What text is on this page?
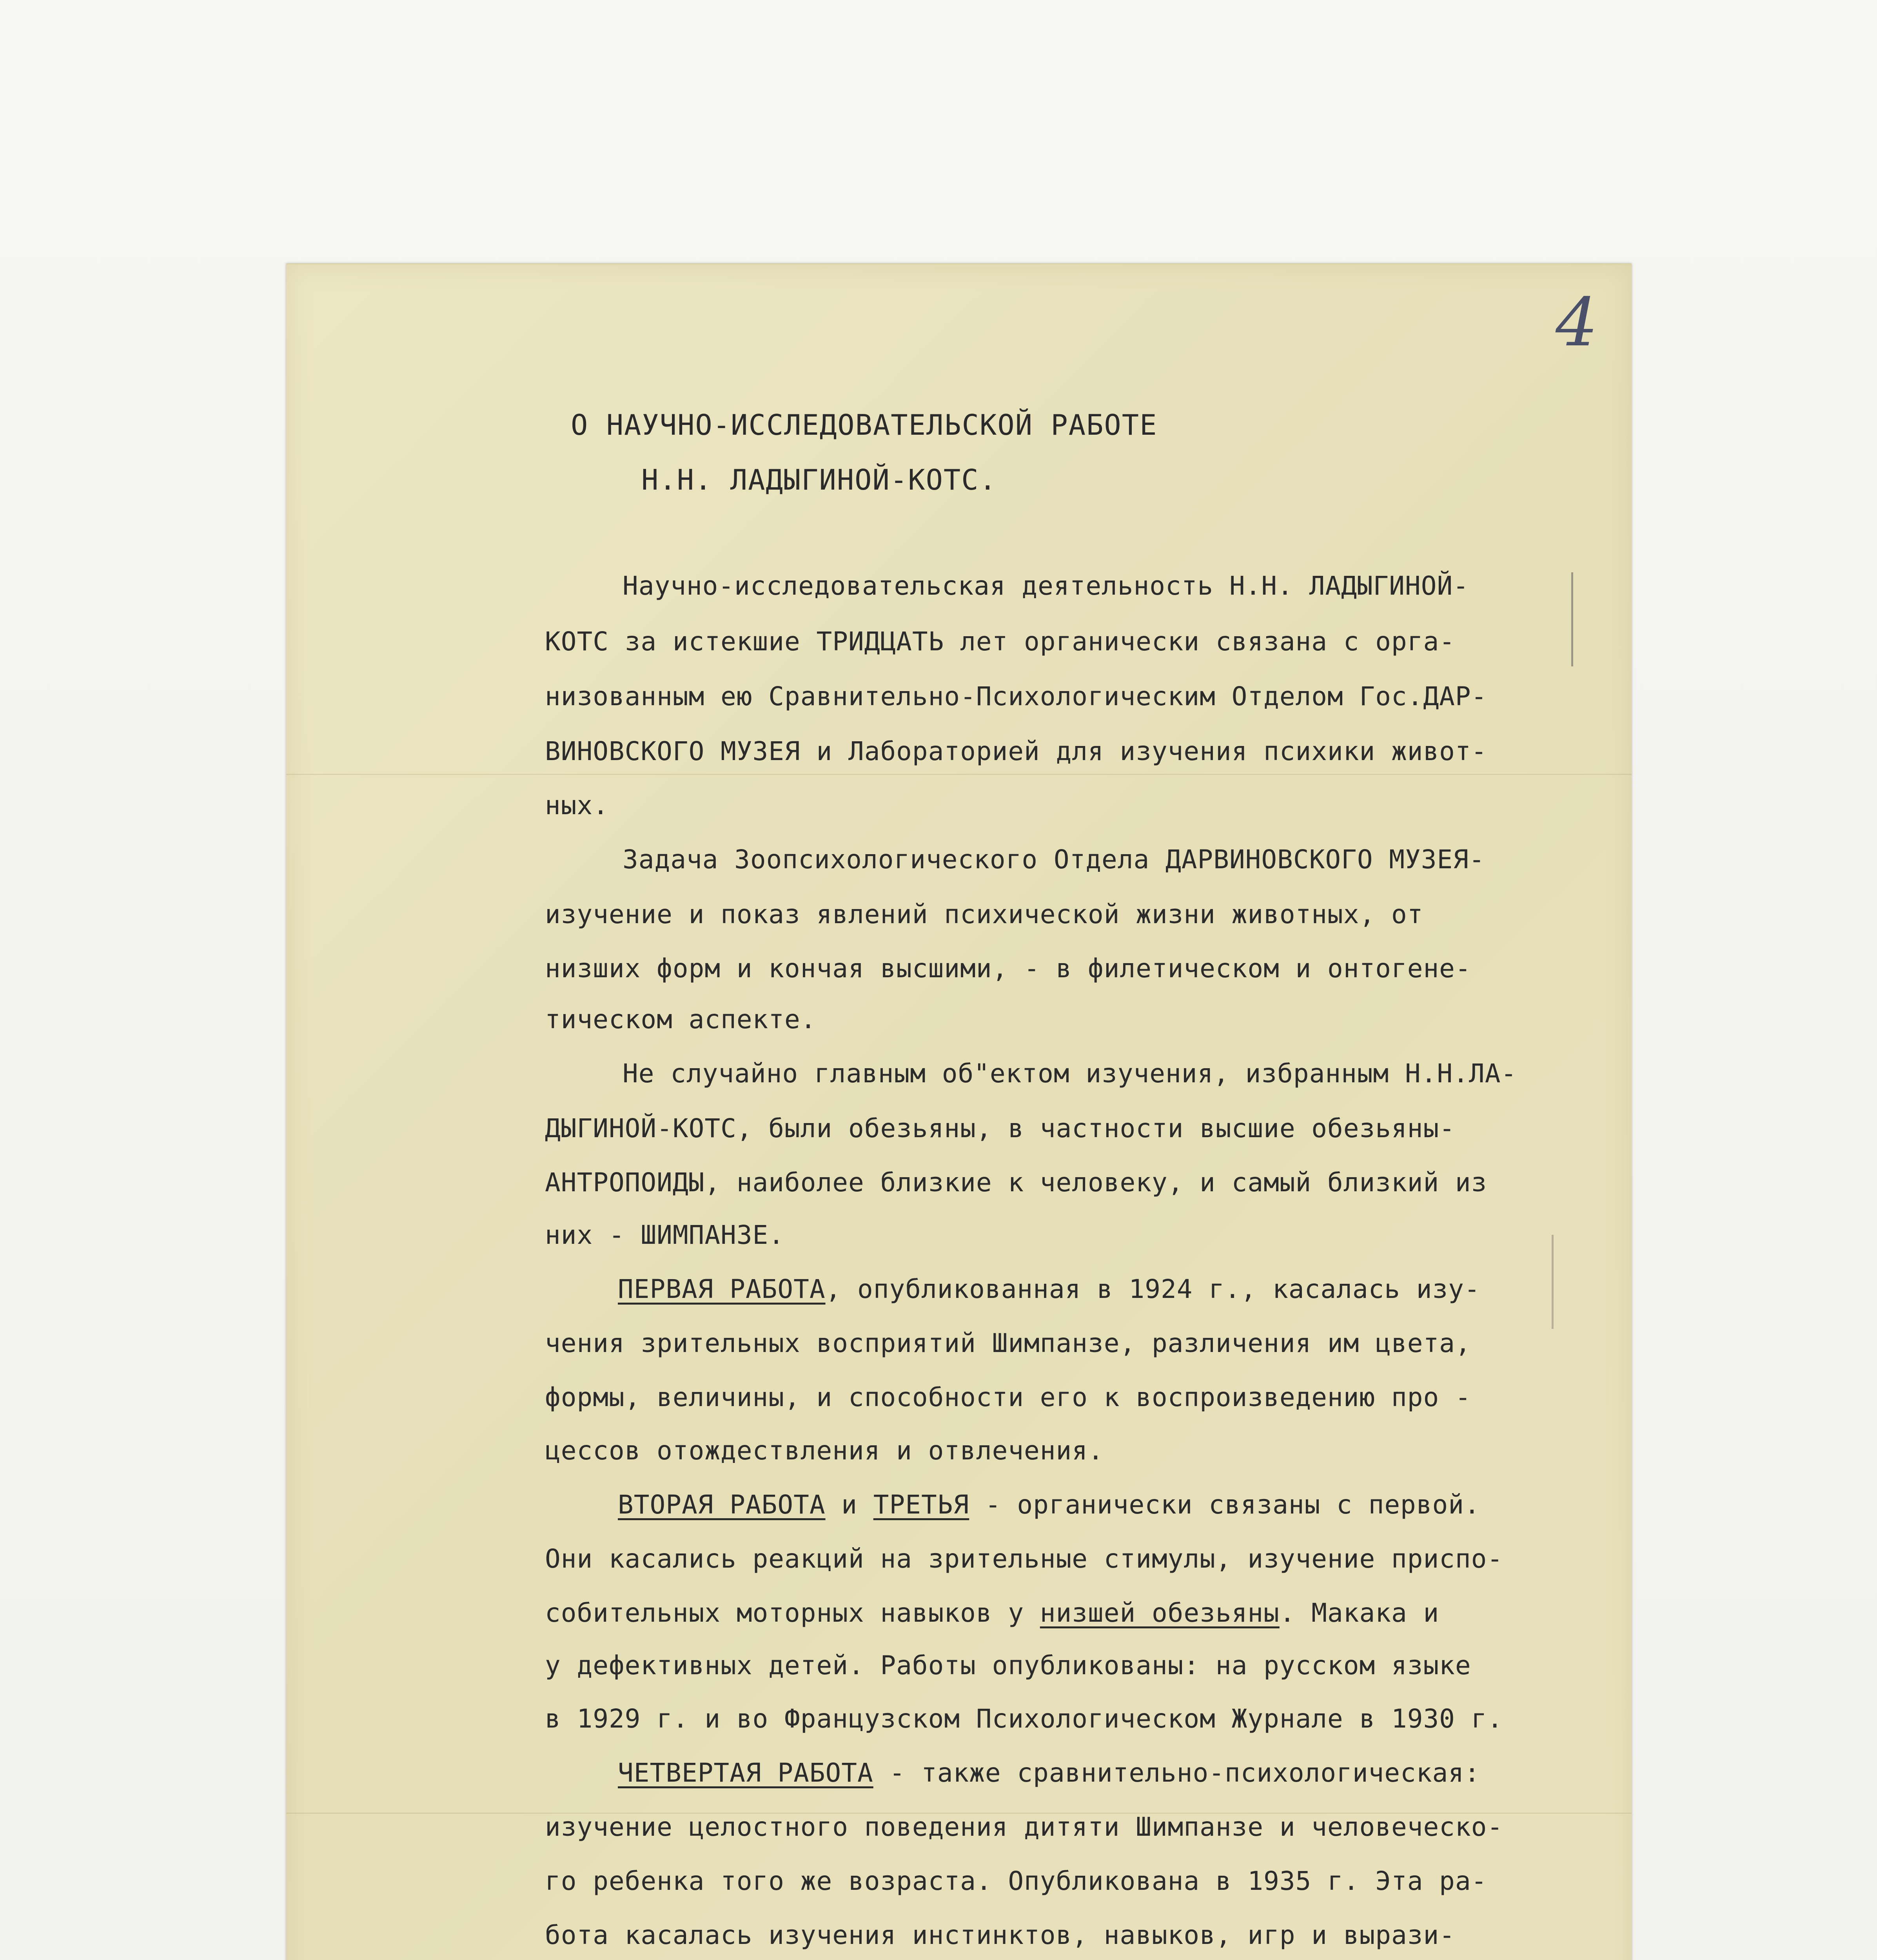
4
О НАУЧНО-ИССЛЕДОВАТЕЛЬСКОЙ РАБОТЕ
Н.Н. ЛАДЫГИНОЙ-КОТС.
Научно-исследовательская деятельность Н.Н. ЛАДЫГИНОЙ-
КОТС за истекшие ТРИДЦАТЬ лет органически связана с орга-
низованным ею Сравнительно-Психологическим Отделом Гос.ДАР-
ВИНОВСКОГО МУЗЕЯ и Лабораторией для изучения психики живот-
ных.
Задача Зоопсихологического Отдела ДАРВИНОВСКОГО МУЗЕЯ-
изучение и показ явлений психической жизни животных, от
низших форм и кончая высшими, - в филетическом и онтогене-
тическом аспекте.
Не случайно главным об"ектом изучения, избранным Н.Н.ЛА-
ДЫГИНОЙ-КОТС, были обезьяны, в частности высшие обезьяны-
АНТРОПОИДЫ, наиболее близкие к человеку, и самый близкий из
них - ШИМПАНЗЕ.
ПЕРВАЯ РАБОТА, опубликованная в 1924 г., касалась изу-
чения зрительных восприятий Шимпанзе, различения им цвета,
формы, величины, и способности его к воспроизведению про -
цессов отождествления и отвлечения.
ВТОРАЯ РАБОТА и ТРЕТЬЯ - органически связаны с первой.
Они касались реакций на зрительные стимулы, изучение приспо-
собительных моторных навыков у низшей обезьяны. Макака и
у дефективных детей. Работы опубликованы: на русском языке
в 1929 г. и во Французском Психологическом Журнале в 1930 г.
ЧЕТВЕРТАЯ РАБОТА - также сравнительно-психологическая:
изучение целостного поведения дитяти Шимпанзе и человеческо-
го ребенка того же возраста. Опубликована в 1935 г. Эта ра-
бота касалась изучения инстинктов, навыков, игр и вырази-
